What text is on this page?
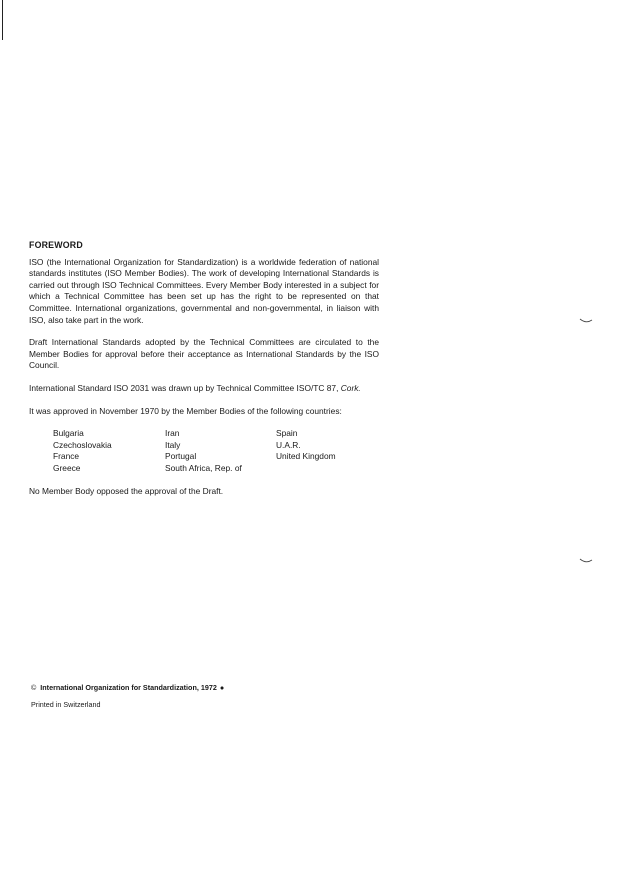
FOREWORD

ISO (the International Organization for Standardization) is a worldwide federation of national standards institutes (ISO Member Bodies). The work of developing International Standards is carried out through ISO Technical Committees. Every Member Body interested in a subject for which a Technical Committee has been set up has the right to be represented on that Committee. International organizations, governmental and non-governmental, in liaison with ISO, also take part in the work.

Draft International Standards adopted by the Technical Committees are circulated to the Member Bodies for approval before their acceptance as International Standards by the ISO Council.

International Standard ISO 2031 was drawn up by Technical Committee ISO/TC 87, Cork.

It was approved in November 1970 by the Member Bodies of the following countries:

Bulgaria
Czechoslovakia
France
Greece
Iran
Italy
Portugal
South Africa, Rep. of
Spain
U.A.R.
United Kingdom

No Member Body opposed the approval of the Draft.

© International Organization for Standardization, 1972 ●
Printed in Switzerland
